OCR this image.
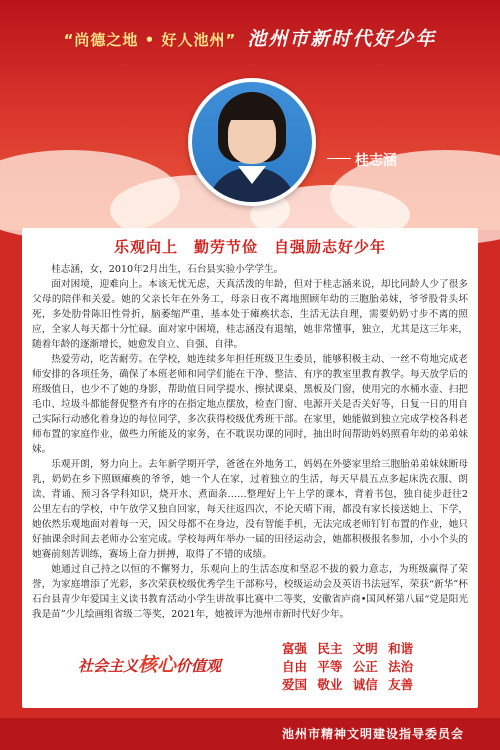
“尚德之地 • 好人池州” 池州市新时代好少年
桂志涵
乐观向上　勤劳节俭　自强励志好少年

桂志涵，女，2010年2月出生，石台县实验小学学生。

面对困境，迎难向上。本该无忧无虑，天真活泼的年龄，但对于桂志涵来说，却比同龄人少了很多父母的陪伴和关爱。她的父亲长年在外务工，母亲日夜不离地照顾年幼的三胞胎弟妹，爷爷股骨头坏死，多处肋骨陈旧性骨折，脑萎缩严重，基本处于瘫痪状态，生活无法自理，需要奶奶寸步不离的照应，全家人每天都十分忙碌。面对家中困境，桂志涵没有退缩，她非常懂事，独立，尤其是这三年来，随着年龄的逐渐增长，她愈发自立、自强、自律。

热爱劳动，吃苦耐劳。在学校，她连续多年担任班级卫生委员，能够积极主动、一丝不苟地完成老师安排的各项任务，确保了本班老师和同学们能在干净、整洁、有序的教室里教育教学。每天放学后的班级值日，也少不了她的身影，帮助值日同学提水、擦拭课桌、黑板及门窗，使用完的水桶水壶、扫把毛巾、垃圾斗都能督促整齐有序的在指定地点摆放，检查门窗、电源开关是否关好等，日复一日的用自己实际行动感化着身边的每位同学，多次获得校级优秀班干部。在家里，她能做到独立完成学校各科老师布置的家庭作业，做些力所能及的家务，在不耽误功课的同时，抽出时间帮助妈妈照看年幼的弟弟妹妹。

乐观开朗，努力向上。去年新学期开学，爸爸在外地务工，妈妈在外婆家里给三胞胎弟弟妹妹断母乳，奶奶在乡下照顾瘫痪的爷爷，她一个人在家，过着独立的生活，每天早晨五点多起床洗衣服、朗读、背诵、预习各学科知识，烧开水、煮面条……整理好上午上学的课本，背着书包，独自徒步赶往2公里左右的学校，中午放学又独自回家，每天往返四次，不论天晴下雨，都没有家长接送她上、下学，她依然乐观地面对着每一天，因父母都不在身边，没有智能手机，无法完成老师钉钉布置的作业，她只好抽课余时间去老师办公室完成。学校每两年举办一届的田径运动会，她都积极报名参加，小小个头的她赛前刻苦训练，赛场上奋力拼搏，取得了不错的成绩。

她通过自己持之以恒的不懈努力，乐观向上的生活态度和坚忍不拔的毅力意志，为班级赢得了荣誉，为家庭增添了光彩，多次荣获校级优秀学生干部称号，校级运动会及英语书法冠军，荣获“新华”杯石台县青少年爱国主义读书教育活动小学生讲故事比赛中二等奖，安徽省庐商•国风杯第八届“党是阳光我是苗”少儿绘画组省级二等奖，2021年，她被评为池州市新时代好少年。

社会主义核心价值观
富强 民主 文明 和谐
自由 平等 公正 法治
爱国 敬业 诚信 友善
池州市精神文明建设指导委员会
